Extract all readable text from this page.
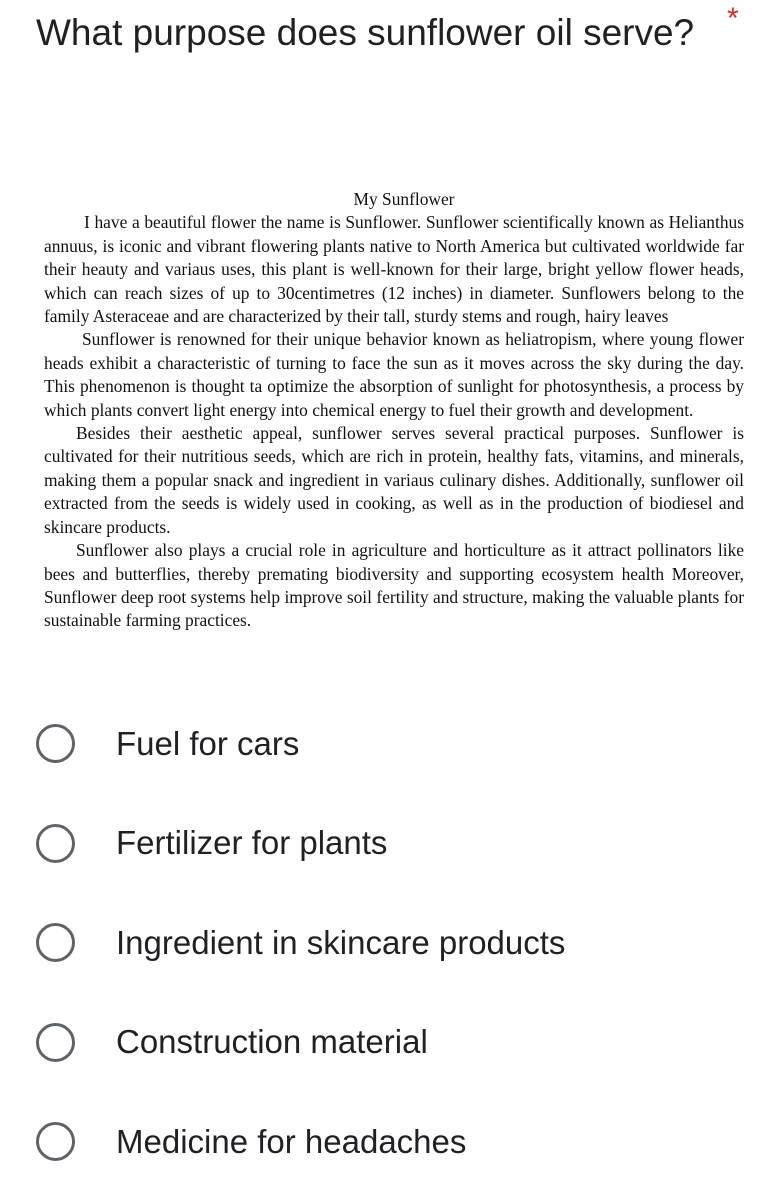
What purpose does sunflower oil serve? *

My Sunflower

I have a beautiful flower the name is Sunflower. Sunflower scientifically known as Helianthus annuus, is iconic and vibrant flowering plants native to North America but cultivated worldwide far their heauty and variaus uses, this plant is well-known for their large, bright yellow flower heads, which can reach sizes of up to 30centimetres (12 inches) in diameter. Sunflowers belong to the family Asteraceae and are characterized by their tall, sturdy stems and rough, hairy leaves

Sunflower is renowned for their unique behavior known as heliatropism, where young flower heads exhibit a characteristic of turning to face the sun as it moves across the sky during the day. This phenomenon is thought ta optimize the absorption of sunlight for photosynthesis, a process by which plants convert light energy into chemical energy to fuel their growth and development.

Besides their aesthetic appeal, sunflower serves several practical purposes. Sunflower is cultivated for their nutritious seeds, which are rich in protein, healthy fats, vitamins, and minerals, making them a popular snack and ingredient in variaus culinary dishes. Additionally, sunflower oil extracted from the seeds is widely used in cooking, as well as in the production of biodiesel and skincare products.

Sunflower also plays a crucial role in agriculture and horticulture as it attract pollinators like bees and butterflies, thereby premating biodiversity and supporting ecosystem health Moreover, Sunflower deep root systems help improve soil fertility and structure, making the valuable plants for sustainable farming practices.

Fuel for cars
Fertilizer for plants
Ingredient in skincare products
Construction material
Medicine for headaches
